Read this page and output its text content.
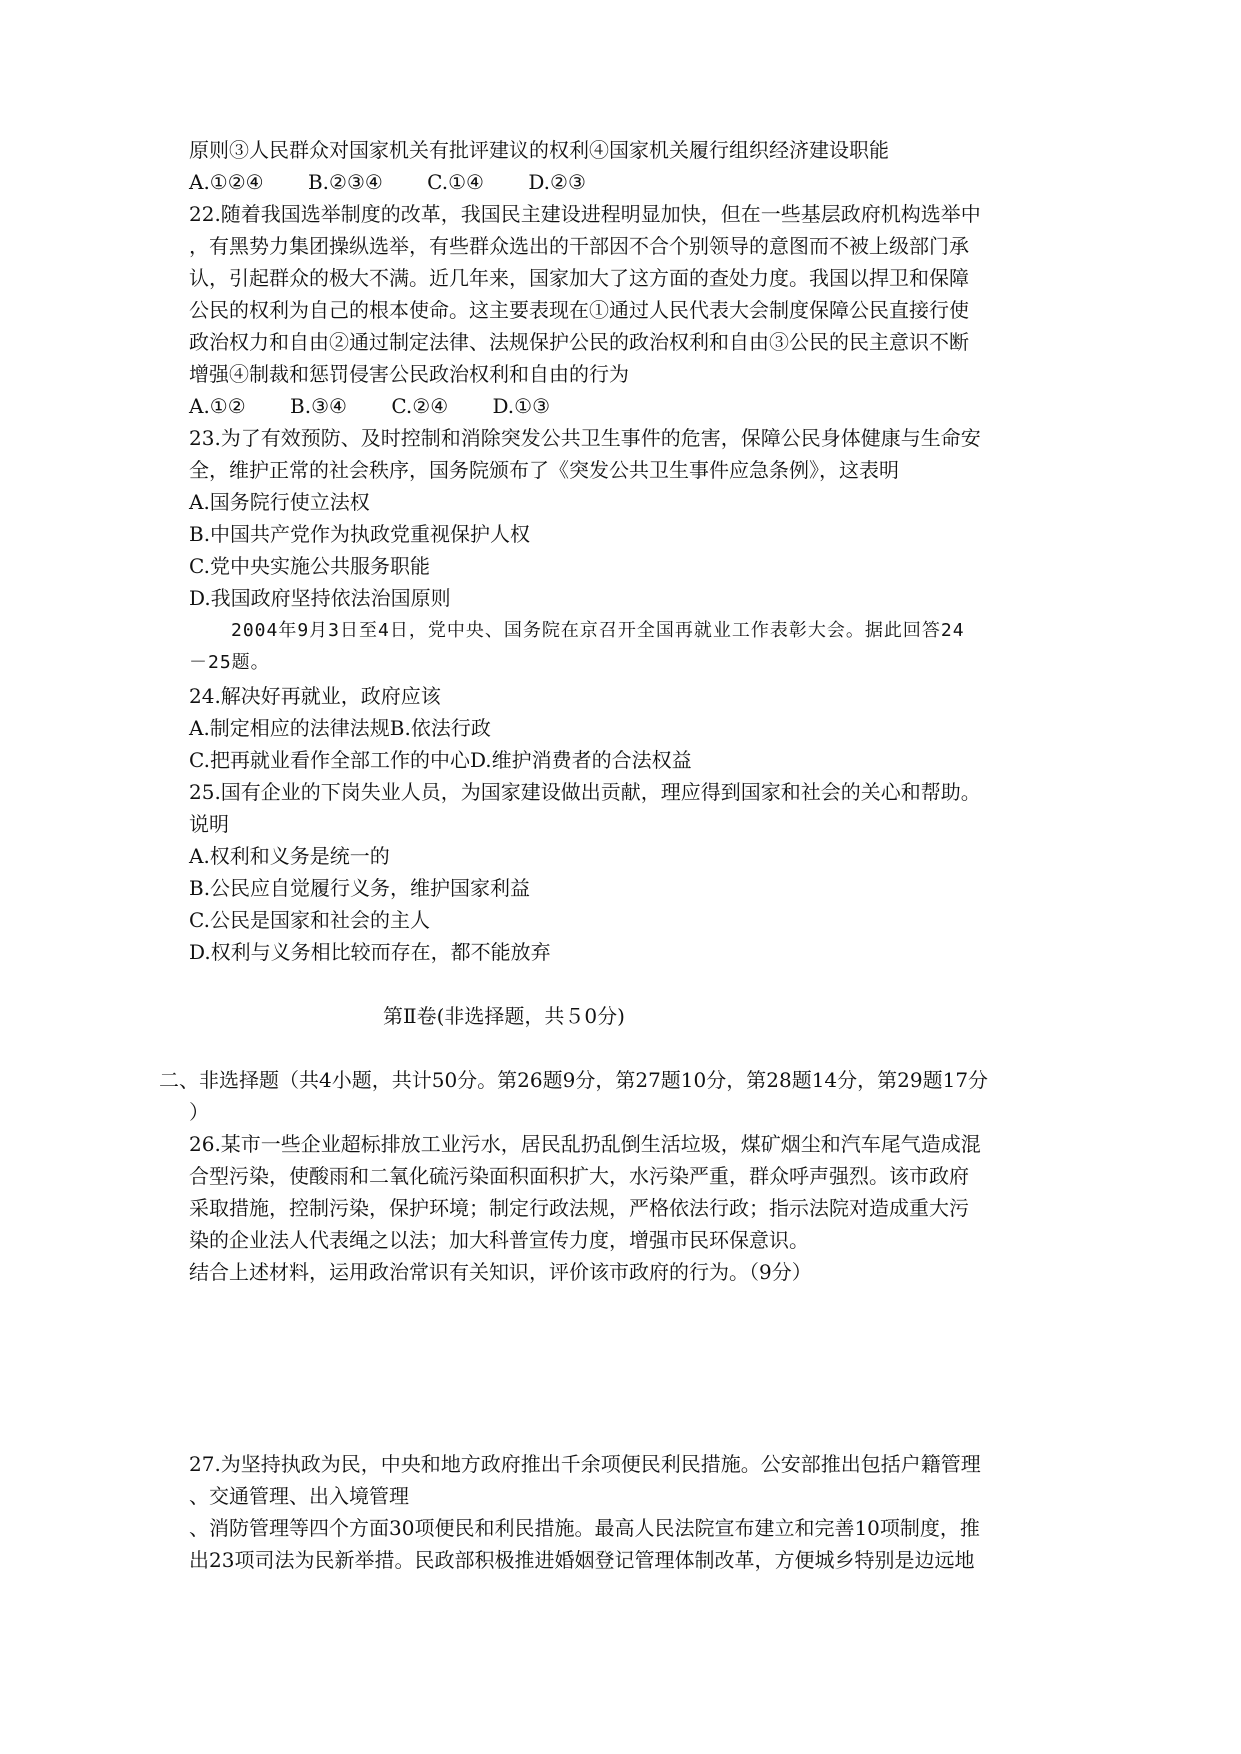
原则③人民群众对国家机关有批评建议的权利④国家机关履行组织经济建设职能
A.①②④ B.②③④ C.①④ D.②③
22.随着我国选举制度的改革，我国民主建设进程明显加快，但在一些基层政府机构选举中
，有黑势力集团操纵选举，有些群众选出的干部因不合个别领导的意图而不被上级部门承
认，引起群众的极大不满。近几年来，国家加大了这方面的查处力度。我国以捍卫和保障
公民的权利为自己的根本使命。这主要表现在①通过人民代表大会制度保障公民直接行使
政治权力和自由②通过制定法律、法规保护公民的政治权利和自由③公民的民主意识不断
增强④制裁和惩罚侵害公民政治权利和自由的行为
A.①② B.③④ C.②④ D.①③
23.为了有效预防、及时控制和消除突发公共卫生事件的危害，保障公民身体健康与生命安
全，维护正常的社会秩序，国务院颁布了《突发公共卫生事件应急条例》，这表明
A.国务院行使立法权
B.中国共产党作为执政党重视保护人权
C.党中央实施公共服务职能
D.我国政府坚持依法治国原则
2004年9月3日至4日，党中央、国务院在京召开全国再就业工作表彰大会。据此回答24
－25题。
24.解决好再就业，政府应该
A.制定相应的法律法规B.依法行政
C.把再就业看作全部工作的中心D.维护消费者的合法权益
25.国有企业的下岗失业人员，为国家建设做出贡献，理应得到国家和社会的关心和帮助。
说明
A.权利和义务是统一的
B.公民应自觉履行义务，维护国家利益
C.公民是国家和社会的主人
D.权利与义务相比较而存在，都不能放弃
第Ⅱ卷(非选择题，共５0分)
二、非选择题（共4小题，共计50分。第26题9分，第27题10分，第28题14分，第29题17分
）
26.某市一些企业超标排放工业污水，居民乱扔乱倒生活垃圾，煤矿烟尘和汽车尾气造成混
合型污染，使酸雨和二氧化硫污染面积面积扩大，水污染严重，群众呼声强烈。该市政府
采取措施，控制污染，保护环境；制定行政法规，严格依法行政；指示法院对造成重大污
染的企业法人代表绳之以法；加大科普宣传力度，增强市民环保意识。
结合上述材料，运用政治常识有关知识，评价该市政府的行为。（9分）
27.为坚持执政为民，中央和地方政府推出千余项便民利民措施。公安部推出包括户籍管理
、交通管理、出入境管理
、消防管理等四个方面30项便民和利民措施。最高人民法院宣布建立和完善10项制度，推
出23项司法为民新举措。民政部积极推进婚姻登记管理体制改革，方便城乡特别是边远地
